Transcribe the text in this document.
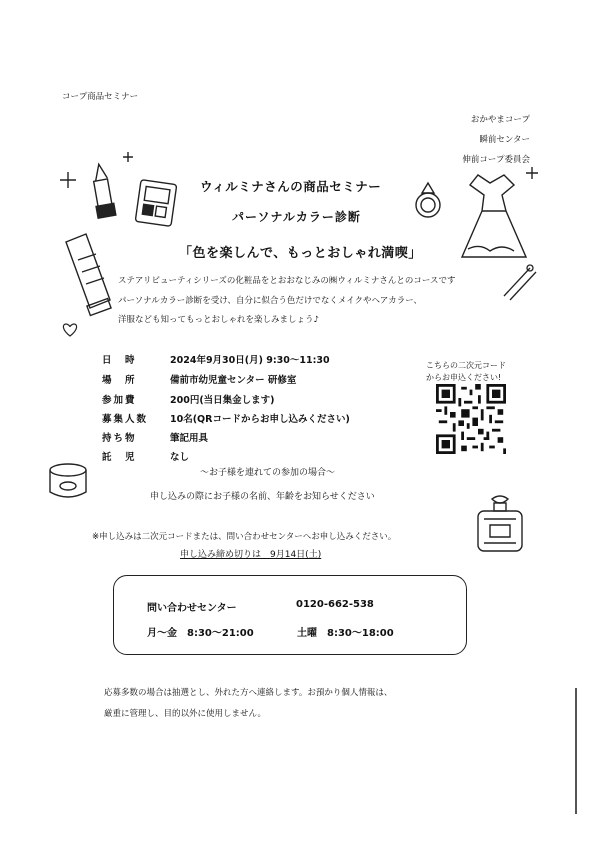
コープ商品セミナー
おかやまコープ
瞬前センター
伸前コープ委員会
ウィルミナさんの商品セミナー
パーソナルカラー診断
「色を楽しんで、もっとおしゃれ満喫」
ステアリビューティシリーズの化粧品をとおおなじみの㈱ウィルミナさんとのコースです
パーソナルカラー診断を受け、自分に似合う色だけでなくメイクやヘアカラー、
洋服なども知ってもっとおしゃれを楽しみましょう♪
日　時	2024年9月30日(月) 9:30～11:30
場　所	備前市幼児童センター 研修室
参加費	200円(当日集金します)
募集人数 10名(QRコードからお申し込みください)
持ち物	筆記用具
託　児	なし
こちらの二次元コード
からお申込ください!
～お子様を連れての参加の場合～
申し込みの際にお子様の名前、年齢をお知らせください
※申し込みは二次元コードまたは、問い合わせセンターへお申し込みください。
申し込み締め切りは　9月14日(土)
問い合わせセンター	0120-662-538
月～金　8:30～21:00	土曜　8:30～18:00
応募多数の場合は抽選とし、外れた方へ連絡します。お預かり個人情報は、
厳重に管理し、目的以外に使用しません。
